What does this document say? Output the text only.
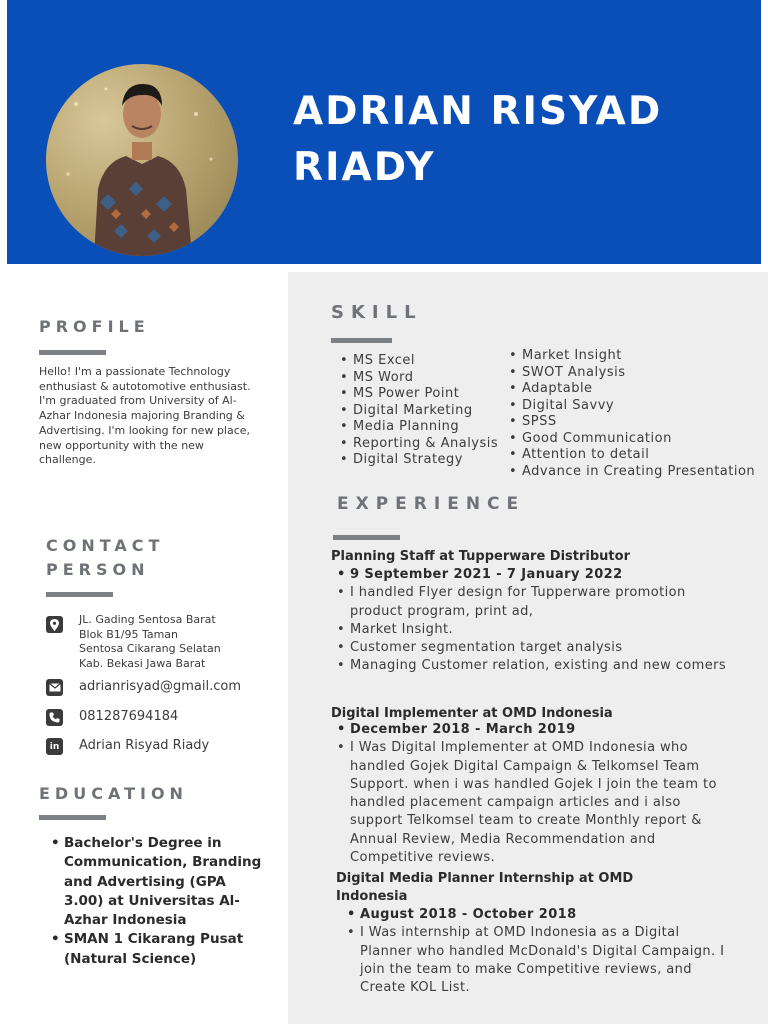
ADRIAN RISYAD
RIADY
PROFILE

Hello! I'm a passionate Technology enthusiast & autotomotive enthusiast. I'm graduated from University of Al-Azhar Indonesia majoring Branding & Advertising. I'm looking for new place, new opportunity with the new challenge.

CONTACT
PERSON
JL. Gading Sentosa Barat
Blok B1/95 Taman
Sentosa Cikarang Selatan
Kab. Bekasi Jawa Barat
adrianrisyad@gmail.com
081287694184
in Adrian Risyad Riady
EDUCATION
• Bachelor's Degree in Communication, Branding and Advertising (GPA 3.00) at Universitas Al-Azhar Indonesia
• SMAN 1 Cikarang Pusat (Natural Science)
SKILL
• MS Excel
• MS Word
• MS Power Point
• Digital Marketing
• Media Planning
• Reporting & Analysis
• Digital Strategy
• Market Insight
• SWOT Analysis
• Adaptable
• Digital Savvy
• SPSS
• Good Communication
• Attention to detail
• Advance in Creating Presentation
EXPERIENCE
Planning Staff at Tupperware Distributor
• 9 September 2021 - 7 January 2022
• I handled Flyer design for Tupperware promotion product program, print ad,
• Market Insight.
• Customer segmentation target analysis
• Managing Customer relation, existing and new comers
Digital Implementer at OMD Indonesia
• December 2018 - March 2019
• I Was Digital Implementer at OMD Indonesia who handled Gojek Digital Campaign & Telkomsel Team Support. when i was handled Gojek I join the team to handled placement campaign articles and i also support Telkomsel team to create Monthly report & Annual Review, Media Recommendation and Competitive reviews.
Digital Media Planner Internship at OMD Indonesia
• August 2018 - October 2018
• I Was internship at OMD Indonesia as a Digital Planner who handled McDonald's Digital Campaign. I join the team to make Competitive reviews, and Create KOL List.
